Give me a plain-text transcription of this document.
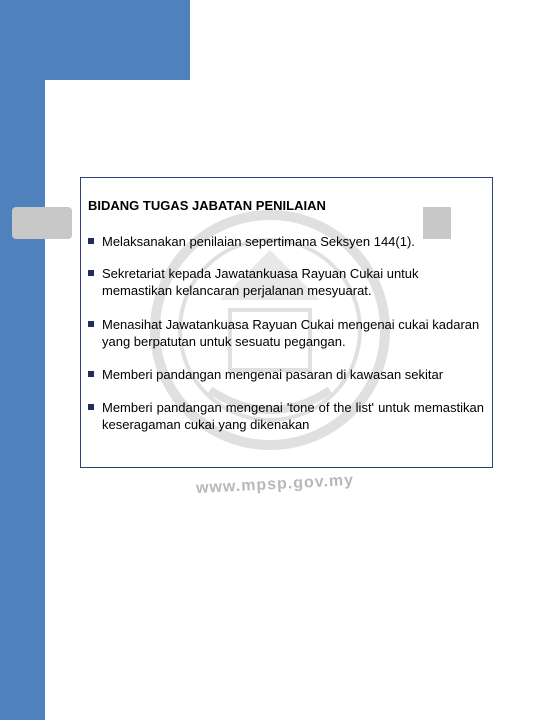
www.mpsp.gov.my
BIDANG TUGAS JABATAN PENILAIAN
Melaksanakan penilaian sepertimana Seksyen 144(1).
Sekretariat kepada Jawatankuasa Rayuan Cukai untuk memastikan kelancaran perjalanan mesyuarat.
Menasihat Jawatankuasa Rayuan Cukai mengenai cukai kadaran yang berpatutan untuk sesuatu pegangan.
Memberi pandangan mengenai pasaran di kawasan sekitar
Memberi pandangan mengenai 'tone of the list' untuk memastikan keseragaman cukai yang dikenakan
